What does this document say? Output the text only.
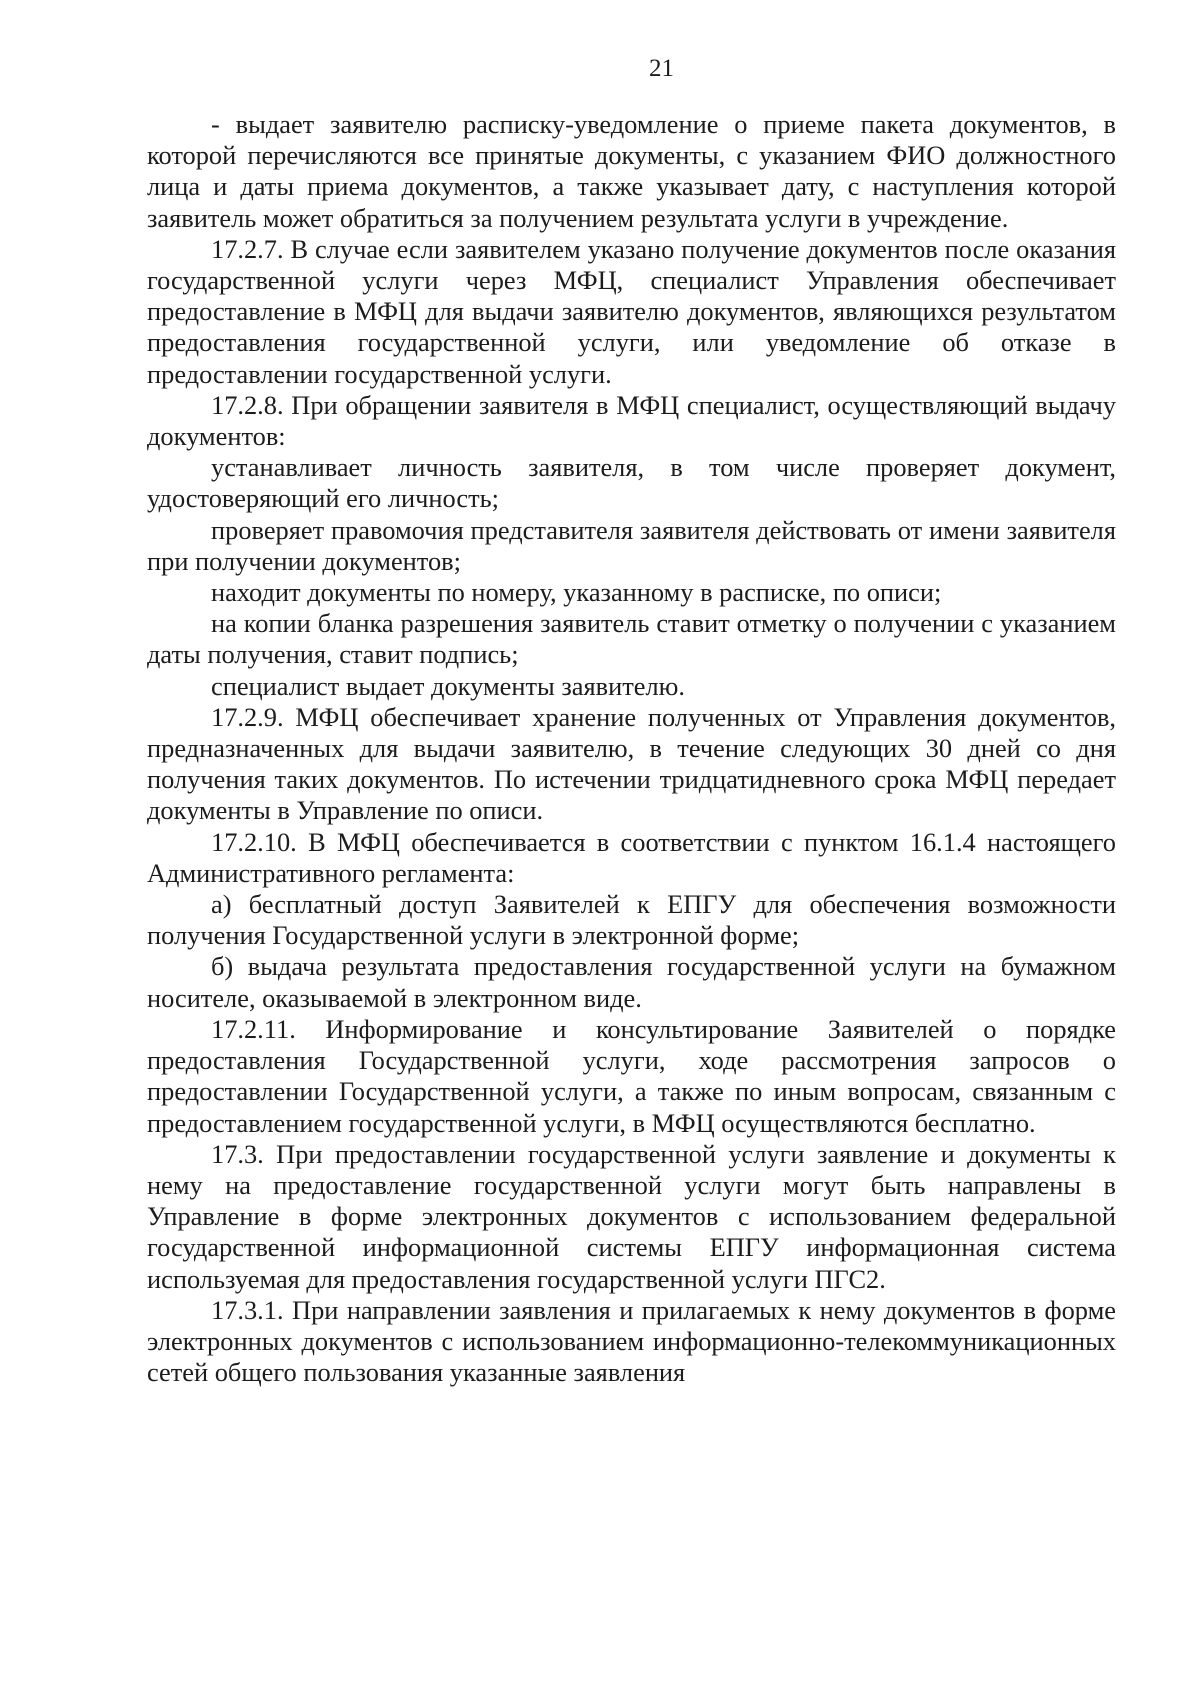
21

- выдает заявителю расписку-уведомление о приеме пакета документов, в которой перечисляются все принятые документы, с указанием ФИО должностного лица и даты приема документов, а также указывает дату, с наступления которой заявитель может обратиться за получением результата услуги в учреждение.

17.2.7. В случае если заявителем указано получение документов после оказания государственной услуги через МФЦ, специалист Управления обеспечивает предоставление в МФЦ для выдачи заявителю документов, являющихся результатом предоставления государственной услуги, или уведомление об отказе в предоставлении государственной услуги.

17.2.8. При обращении заявителя в МФЦ специалист, осуществляющий выдачу документов:

устанавливает личность заявителя, в том числе проверяет документ, удостоверяющий его личность;

проверяет правомочия представителя заявителя действовать от имени заявителя при получении документов;

находит документы по номеру, указанному в расписке, по описи;

на копии бланка разрешения заявитель ставит отметку о получении с указанием даты получения, ставит подпись;

специалист выдает документы заявителю.

17.2.9. МФЦ обеспечивает хранение полученных от Управления документов, предназначенных для выдачи заявителю, в течение следующих 30 дней со дня получения таких документов. По истечении тридцатидневного срока МФЦ передает документы в Управление по описи.

17.2.10. В МФЦ обеспечивается в соответствии с пунктом 16.1.4 настоящего Административного регламента:

а) бесплатный доступ Заявителей к ЕПГУ для обеспечения возможности получения Государственной услуги в электронной форме;

б) выдача результата предоставления государственной услуги на бумажном носителе, оказываемой в электронном виде.

17.2.11. Информирование и консультирование Заявителей о порядке предоставления Государственной услуги, ходе рассмотрения запросов о предоставлении Государственной услуги, а также по иным вопросам, связанным с предоставлением государственной услуги, в МФЦ осуществляются бесплатно.

17.3. При предоставлении государственной услуги заявление и документы к нему на предоставление государственной услуги могут быть направлены в Управление в форме электронных документов с использованием федеральной государственной информационной системы ЕПГУ информационная система используемая для предоставления государственной услуги ПГС2.

17.3.1. При направлении заявления и прилагаемых к нему документов в форме электронных документов с использованием информационно-телекоммуникационных сетей общего пользования указанные заявления
